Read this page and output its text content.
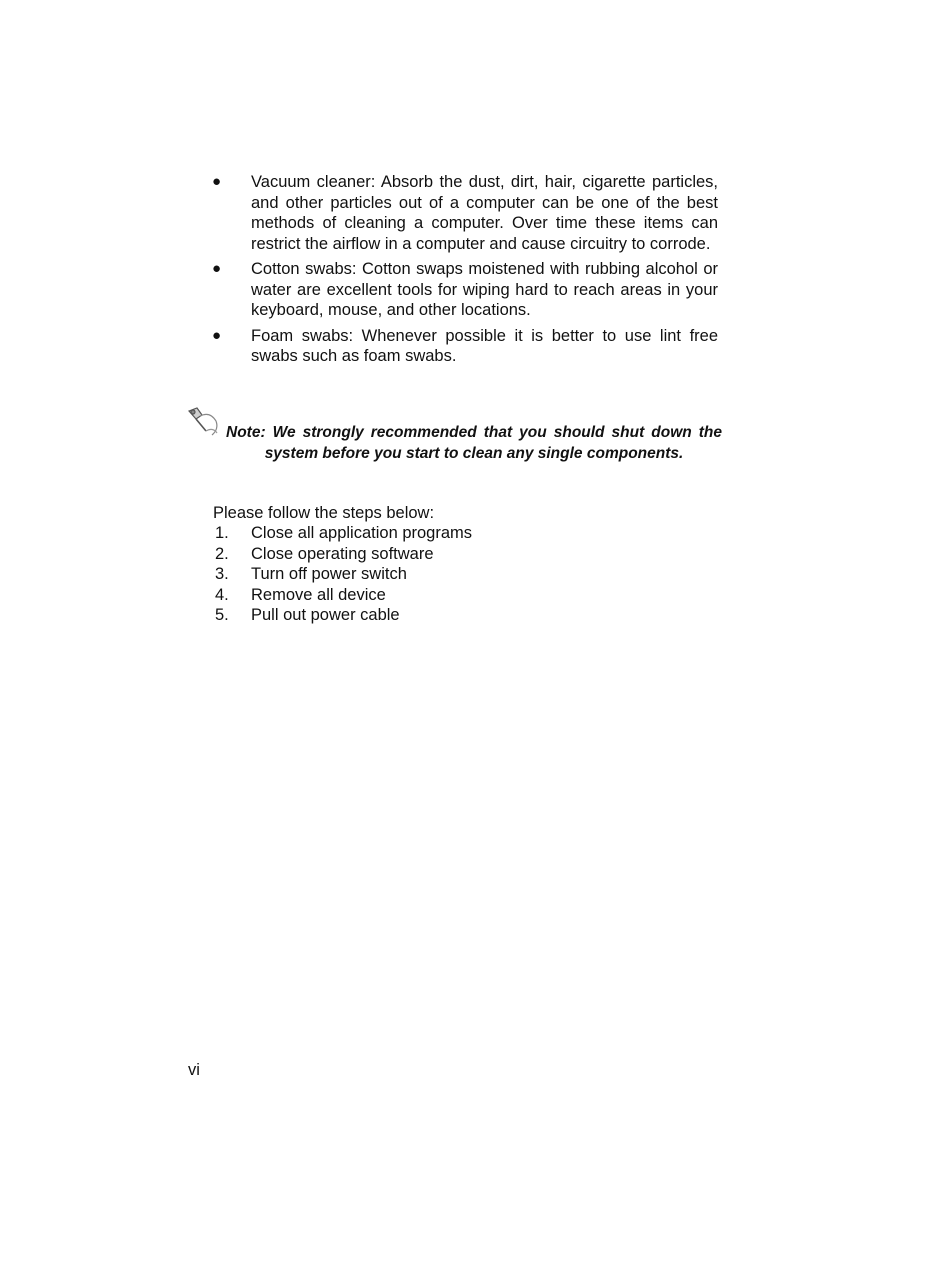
● Vacuum cleaner: Absorb the dust, dirt, hair, cigarette particles, and other particles out of a computer can be one of the best methods of cleaning a computer. Over time these items can restrict the airflow in a computer and cause circuitry to corrode.
● Cotton swabs: Cotton swaps moistened with rubbing alcohol or water are excellent tools for wiping hard to reach areas in your keyboard, mouse, and other locations.
● Foam swabs: Whenever possible it is better to use lint free swabs such as foam swabs.
Note: We strongly recommended that you should shut down the system before you start to clean any single components.
Please follow the steps below:
1. Close all application programs
2. Close operating software
3. Turn off power switch
4. Remove all device
5. Pull out power cable
vi
